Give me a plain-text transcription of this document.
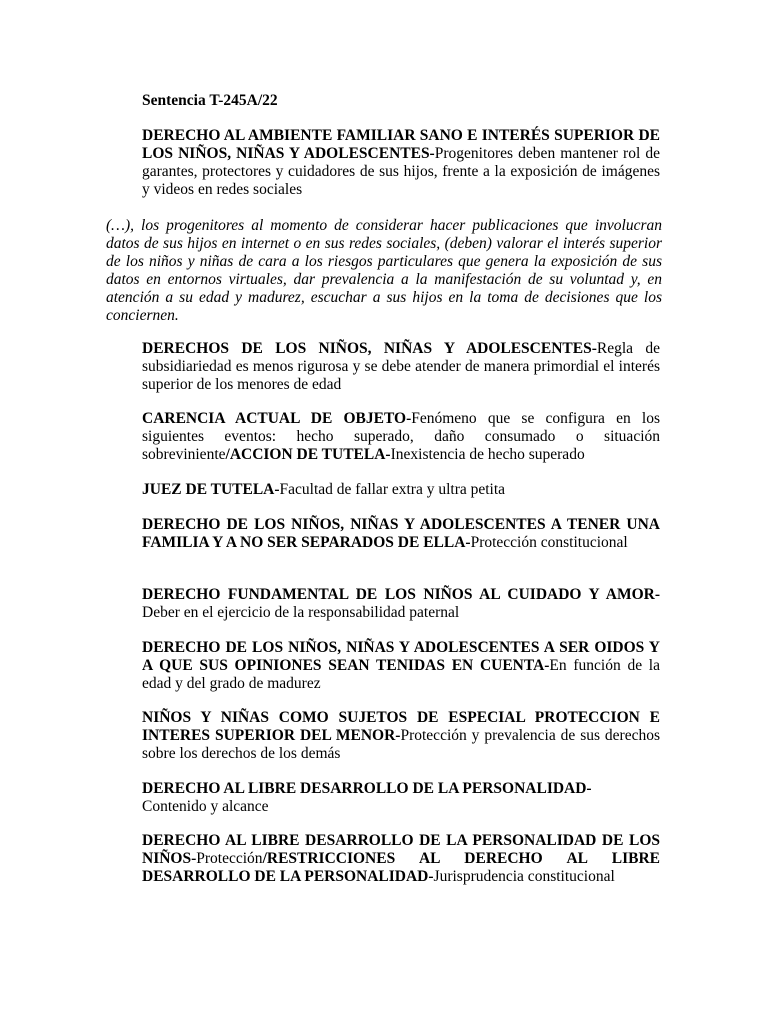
Sentencia T-245A/22

DERECHO AL AMBIENTE FAMILIAR SANO E INTERÉS SUPERIOR DE LOS NIÑOS, NIÑAS Y ADOLESCENTES-Progenitores deben mantener rol de garantes, protectores y cuidadores de sus hijos, frente a la exposición de imágenes y videos en redes sociales

(…), los progenitores al momento de considerar hacer publicaciones que involucran datos de sus hijos en internet o en sus redes sociales, (deben) valorar el interés superior de los niños y niñas de cara a los riesgos particulares que genera la exposición de sus datos en entornos virtuales, dar prevalencia a la manifestación de su voluntad y, en atención a su edad y madurez, escuchar a sus hijos en la toma de decisiones que los conciernen.

DERECHOS DE LOS NIÑOS, NIÑAS Y ADOLESCENTES-Regla de subsidiariedad es menos rigurosa y se debe atender de manera primordial el interés superior de los menores de edad

CARENCIA ACTUAL DE OBJETO-Fenómeno que se configura en los siguientes eventos: hecho superado, daño consumado o situación sobreviniente/ACCION DE TUTELA-Inexistencia de hecho superado

JUEZ DE TUTELA-Facultad de fallar extra y ultra petita

DERECHO DE LOS NIÑOS, NIÑAS Y ADOLESCENTES A TENER UNA FAMILIA Y A NO SER SEPARADOS DE ELLA-Protección constitucional

DERECHO FUNDAMENTAL DE LOS NIÑOS AL CUIDADO Y AMOR-Deber en el ejercicio de la responsabilidad paternal

DERECHO DE LOS NIÑOS, NIÑAS Y ADOLESCENTES A SER OIDOS Y A QUE SUS OPINIONES SEAN TENIDAS EN CUENTA-En función de la edad y del grado de madurez

NIÑOS Y NIÑAS COMO SUJETOS DE ESPECIAL PROTECCION E INTERES SUPERIOR DEL MENOR-Protección y prevalencia de sus derechos sobre los derechos de los demás

DERECHO AL LIBRE DESARROLLO DE LA PERSONALIDAD-
Contenido y alcance

DERECHO AL LIBRE DESARROLLO DE LA PERSONALIDAD DE LOS NIÑOS-Protección/RESTRICCIONES AL DERECHO AL LIBRE DESARROLLO DE LA PERSONALIDAD-Jurisprudencia constitucional
